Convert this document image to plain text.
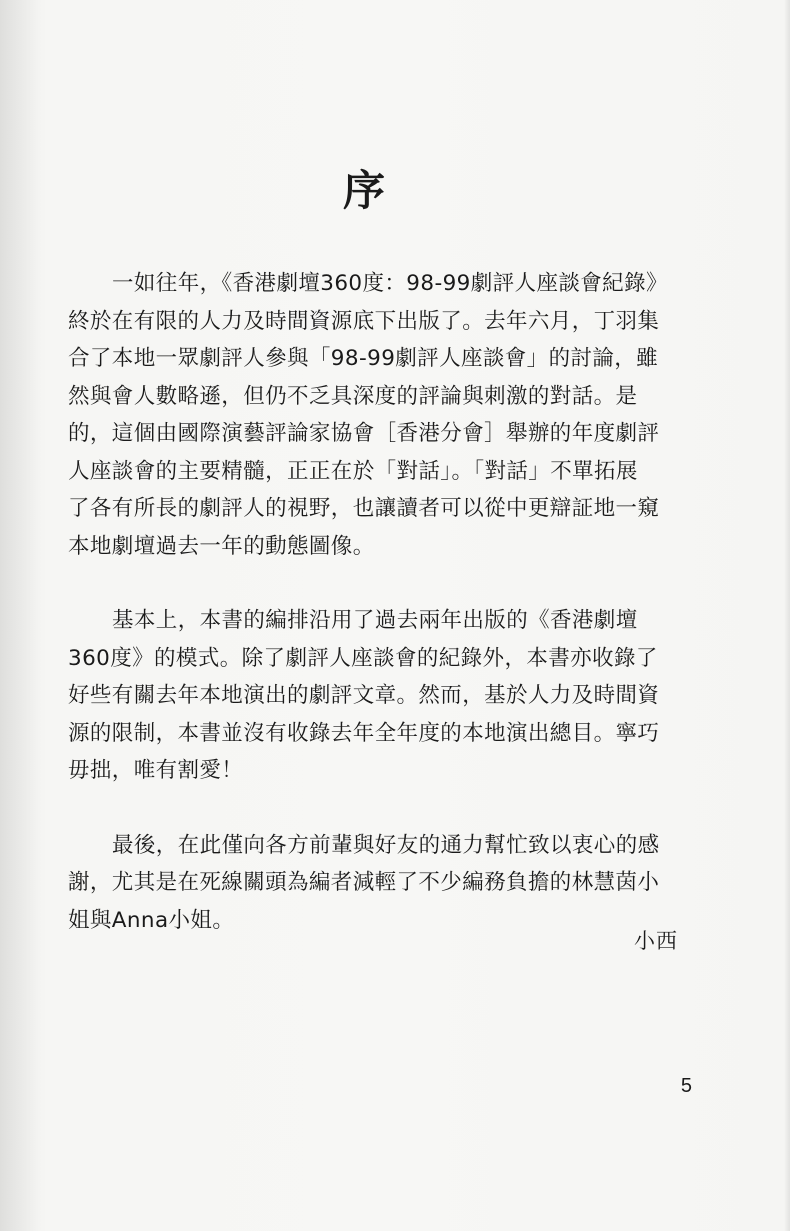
序
一如往年，《香港劇壇360度：98-99劇評人座談會紀錄》
終於在有限的人力及時間資源底下出版了。去年六月，丁羽集
合了本地一眾劇評人參與「98-99劇評人座談會」的討論，雖
然與會人數略遜，但仍不乏具深度的評論與刺激的對話。是
的，這個由國際演藝評論家協會［香港分會］舉辦的年度劇評
人座談會的主要精髓，正正在於「對話」。「對話」不單拓展
了各有所長的劇評人的視野，也讓讀者可以從中更辯証地一窺
本地劇壇過去一年的動態圖像。
基本上，本書的編排沿用了過去兩年出版的《香港劇壇
360度》的模式。除了劇評人座談會的紀錄外，本書亦收錄了
好些有關去年本地演出的劇評文章。然而，基於人力及時間資
源的限制，本書並沒有收錄去年全年度的本地演出總目。寧巧
毋拙，唯有割愛！
最後，在此僅向各方前輩與好友的通力幫忙致以衷心的感
謝，尤其是在死線關頭為編者減輕了不少編務負擔的林慧茵小
姐與Anna小姐。
小西
5
